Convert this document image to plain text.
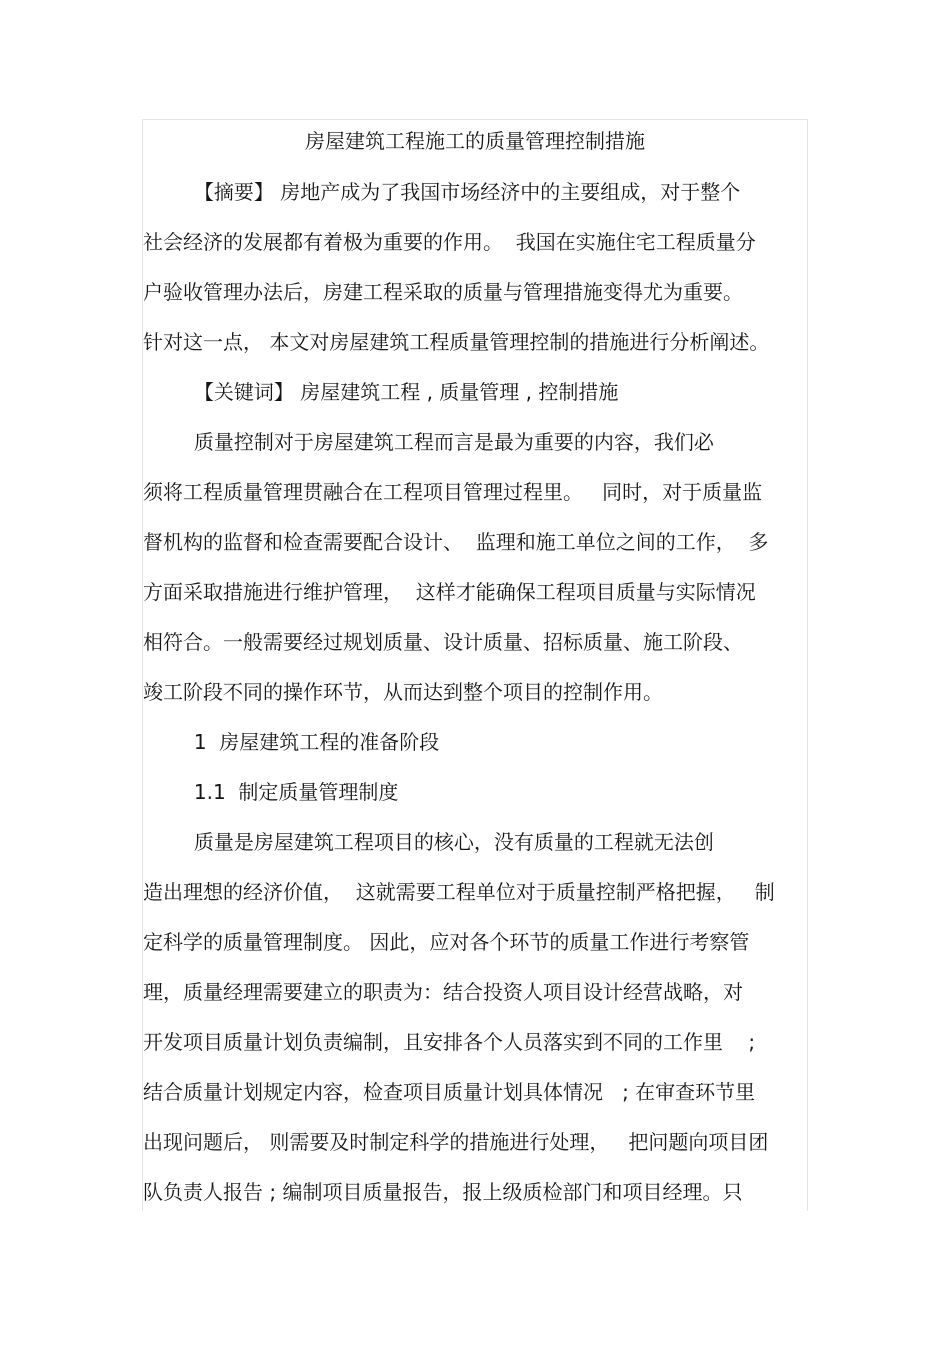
房屋建筑工程施工的质量管理控制措施
【摘要】 房地产成为了我国市场经济中的主要组成，对于整个
社会经济的发展都有着极为重要的作用。  我国在实施住宅工程质量分
户验收管理办法后，房建工程采取的质量与管理措施变得尤为重要。
针对这一点， 本文对房屋建筑工程质量管理控制的措施进行分析阐述。
【关键词】 房屋建筑工程 , 质量管理 , 控制措施
质量控制对于房屋建筑工程而言是最为重要的内容，我们必
须将工程质量管理贯融合在工程项目管理过程里。   同时，对于质量监
督机构的监督和检查需要配合设计、  监理和施工单位之间的工作，  多
方面采取措施进行维护管理，  这样才能确保工程项目质量与实际情况
相符合。一般需要经过规划质量、设计质量、招标质量、施工阶段、
竣工阶段不同的操作环节，从而达到整个项目的控制作用。
1  房屋建筑工程的准备阶段
1.1  制定质量管理制度
质量是房屋建筑工程项目的核心，没有质量的工程就无法创
造出理想的经济价值，  这就需要工程单位对于质量控制严格把握，   制
定科学的质量管理制度。 因此，应对各个环节的质量工作进行考察管
理，质量经理需要建立的职责为：结合投资人项目设计经营战略，对
开发项目质量计划负责编制，且安排各个人员落实到不同的工作里    ;
结合质量计划规定内容，检查项目质量计划具体情况   ; 在审查环节里
出现问题后， 则需要及时制定科学的措施进行处理，   把问题向项目团
队负责人报告 ; 编制项目质量报告，报上级质检部门和项目经理。只
